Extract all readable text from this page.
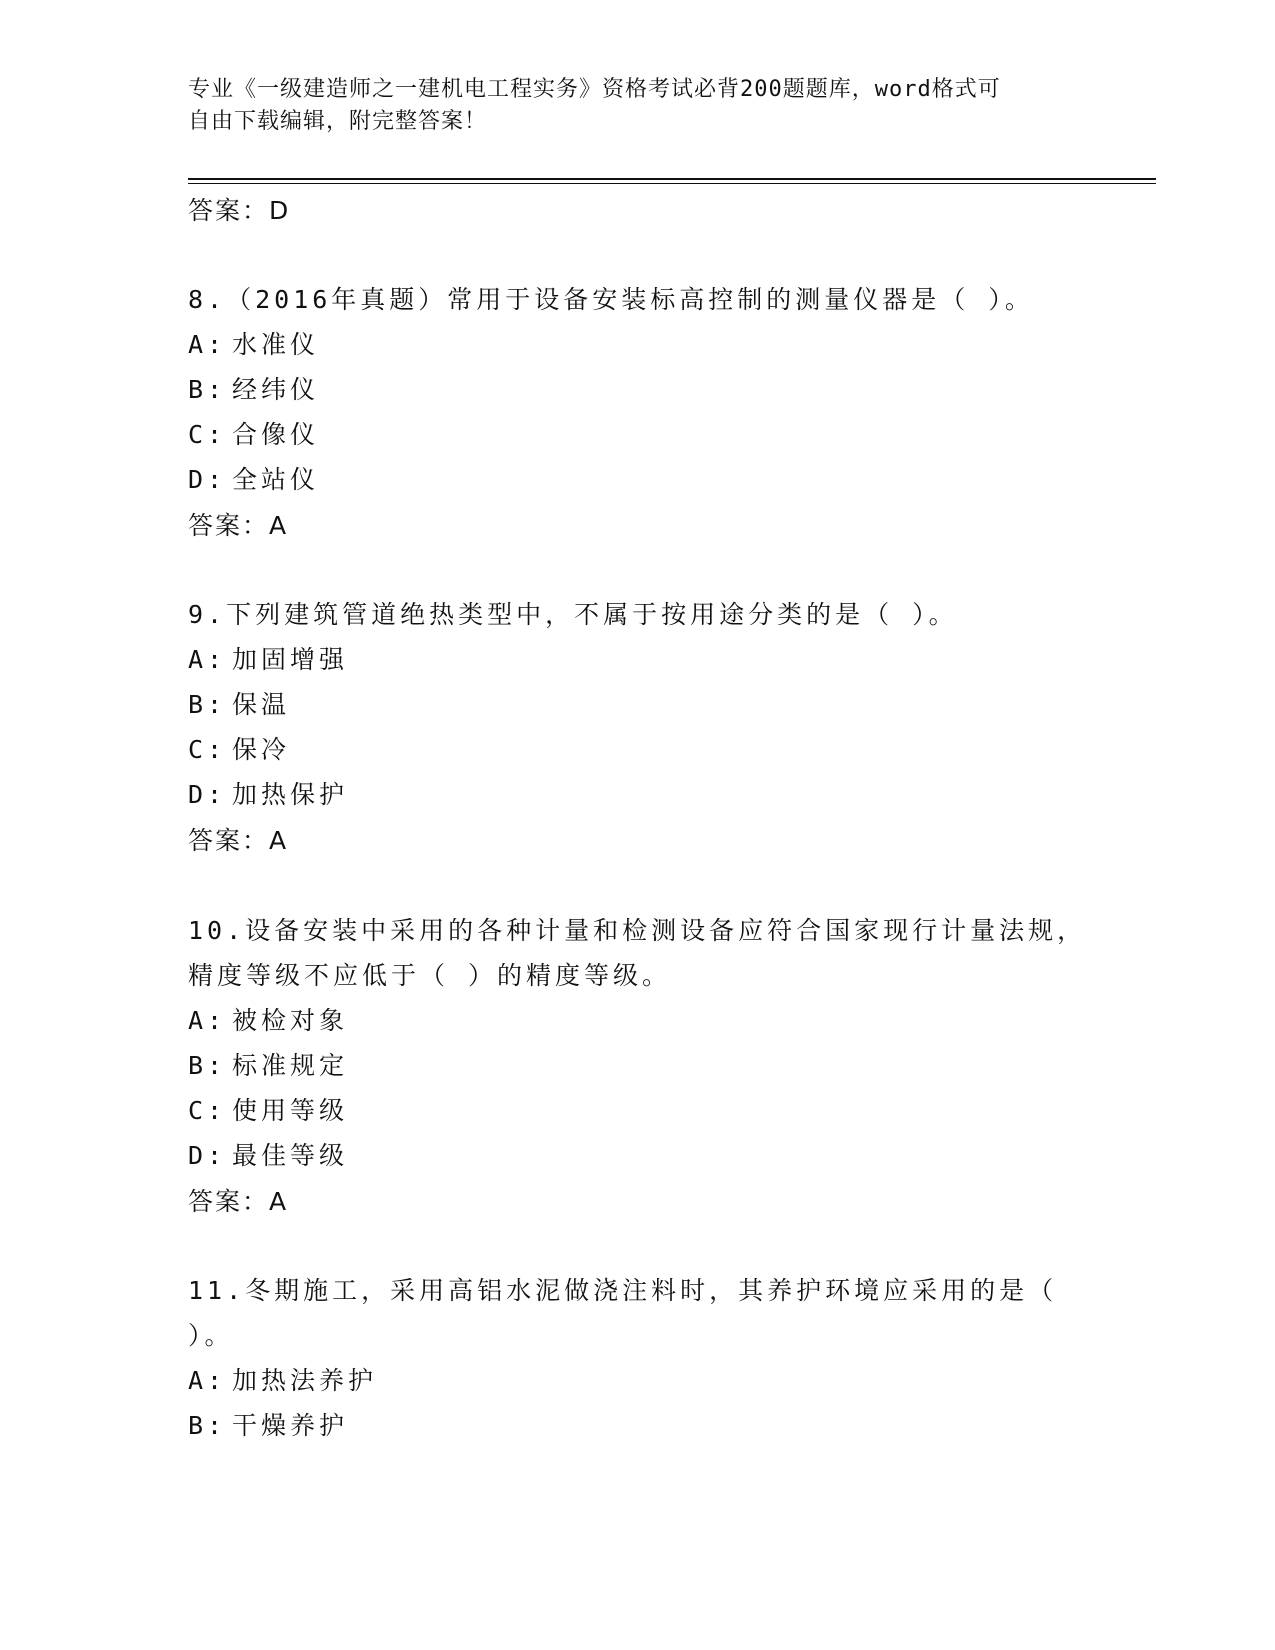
专业《一级建造师之一建机电工程实务》资格考试必背200题题库，word格式可
自由下载编辑，附完整答案！
答案：D
8.（2016年真题）常用于设备安装标高控制的测量仪器是（ ）。
A: 水准仪
B: 经纬仪
C: 合像仪
D: 全站仪
答案：A
9.下列建筑管道绝热类型中，不属于按用途分类的是（ ）。
A: 加固增强
B: 保温
C: 保冷
D: 加热保护
答案：A
10.设备安装中采用的各种计量和检测设备应符合国家现行计量法规，
精度等级不应低于（ ）的精度等级。
A: 被检对象
B: 标准规定
C: 使用等级
D: 最佳等级
答案：A
11.冬期施工，采用高铝水泥做浇注料时，其养护环境应采用的是（
）。
A: 加热法养护
B: 干燥养护
